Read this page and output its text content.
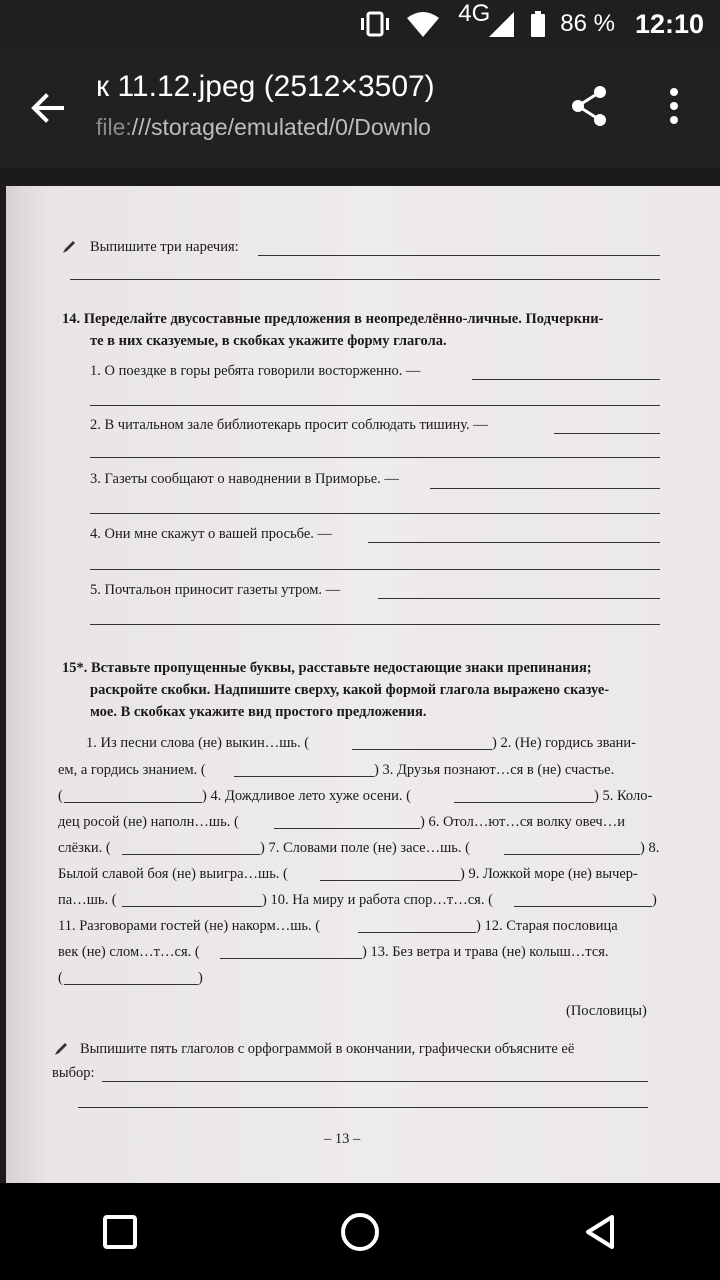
4G	86 % 12:10
к 11.12.jpeg (2512×3507)
file:///storage/emulated/0/Downlo
Выпишите три наречия:
14. Переделайте двусоставные предложения в неопределённо-личные. Подчеркни-
те в них сказуемые, в скобках укажите форму глагола.
1. О поездке в горы ребята говорили восторженно. —
2. В читальном зале библиотекарь просит соблюдать тишину. —
3. Газеты сообщают о наводнении в Приморье. —
4. Они мне скажут о вашей просьбе. —
5. Почтальон приносит газеты утром. —
15*. Вставьте пропущенные буквы, расставьте недостающие знаки препинания;
раскройте скобки. Надпишите сверху, какой формой глагола выражено сказуе-
мое. В скобках укажите вид простого предложения.
1. Из песни слова (не) выкин…шь. (	) 2. (Не) гордись звани-
ем, а гордись знанием. (	) 3. Друзья познают…ся в (не) счастье.
(	) 4. Дождливое лето хуже осени. (	) 5. Коло-
дец росой (не) наполн…шь. (	) 6. Отол…ют…ся волку овеч…и
слёзки. (	) 7. Словами поле (не) засе…шь. (	) 8.
Былой славой боя (не) выигра…шь. (	) 9. Ложкой море (не) вычер-
па…шь. (	) 10. На миру и работа спор…т…ся. (	)
11. Разговорами гостей (не) накорм…шь. (	) 12. Старая пословица
век (не) слом…т…ся. (	) 13. Без ветра и трава (не) колыш…тся.
(	)
(Пословицы)
Выпишите пять глаголов с орфограммой в окончании, графически объясните её
выбор:
– 13 –
